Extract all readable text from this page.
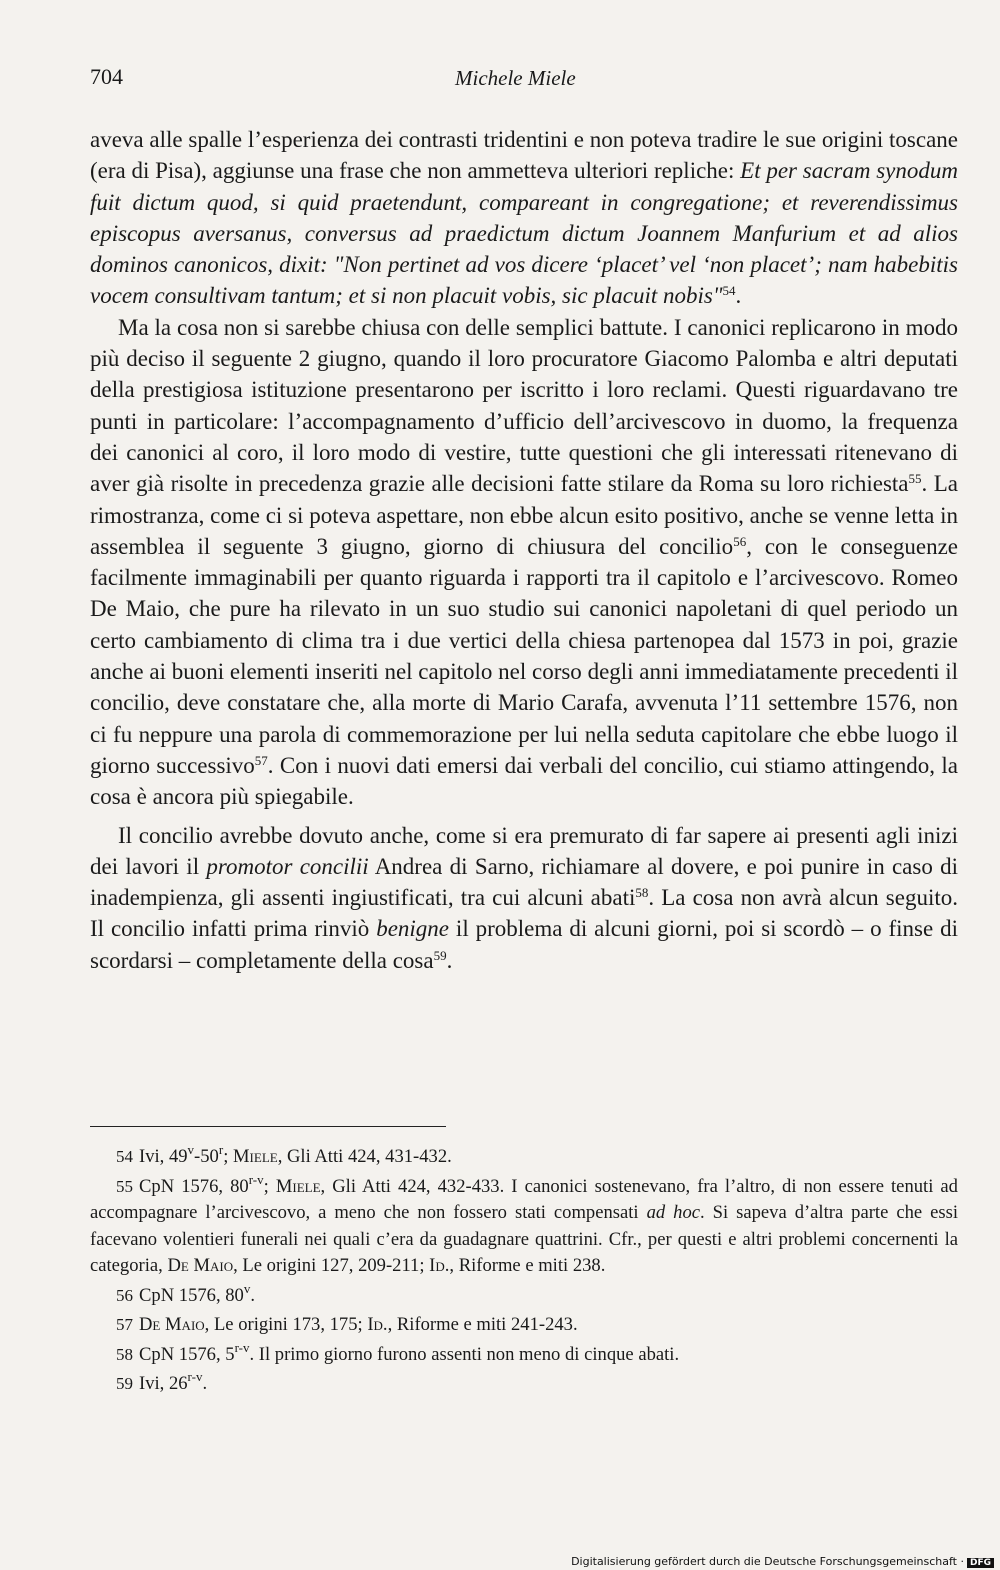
704	Michele Miele

aveva alle spalle l’esperienza dei contrasti tridentini e non poteva tradire le sue origini toscane (era di Pisa), aggiunse una frase che non ammetteva ulteriori repliche: Et per sacram synodum fuit dictum quod, si quid praetendunt, comparеant in congregatione; et reverendissimus episcopus aversanus, conversus ad praedictum dictum Joannem Manfurium et ad alios dominos canonicos, dixit: "Non pertinet ad vos dicere ‘placet’ vel ‘non placet’; nam habebitis vocem consultivam tantum; et si non placuit vobis, sic placuit nobis"$^{54}$.

Ma la cosa non si sarebbe chiusa con delle semplici battute. I canonici replicarono in modo più deciso il seguente 2 giugno, quando il loro procuratore Giacomo Palomba e altri deputati della prestigiosa istituzione presentarono per iscritto i loro reclami. Questi riguardavano tre punti in particolare: l’accompagnamento d’ufficio dell’arcivescovo in duomo, la frequenza dei canonici al coro, il loro modo di vestire, tutte questioni che gli interessati ritenevano di aver già risolte in precedenza grazie alle decisioni fatte stilare da Roma su loro richiesta$^{55}$. La rimostranza, come ci si poteva aspettare, non ebbe alcun esito positivo, anche se venne letta in assemblea il seguente 3 giugno, giorno di chiusura del concilio$^{56}$, con le conseguenze facilmente immaginabili per quanto riguarda i rapporti tra il capitolo e l’arcivescovo. Romeo De Maio, che pure ha rilevato in un suo studio sui canonici napoletani di quel periodo un certo cambiamento di clima tra i due vertici della chiesa partenopea dal 1573 in poi, grazie anche ai buoni elementi inseriti nel capitolo nel corso degli anni immediatamente precedenti il concilio, deve constatare che, alla morte di Mario Carafa, avvenuta l’11 settembre 1576, non ci fu neppure una parola di commemorazione per lui nella seduta capitolare che ebbe luogo il giorno successivo$^{57}$. Con i nuovi dati emersi dai verbali del concilio, cui stiamo attingendo, la cosa è ancora più spiegabile.

Il concilio avrebbe dovuto anche, come si era premurato di far sapere ai presenti agli inizi dei lavori il promotor concilii Andrea di Sarno, richiamare al dovere, e poi punire in caso di inadempienza, gli assenti ingiustificati, tra cui alcuni abati$^{58}$. La cosa non avrà alcun seguito. Il concilio infatti prima rinviò benigne il problema di alcuni giorni, poi si scordò – o finse di scordarsi – completamente della cosa$^{59}$.

54 Ivi, 49$^v$-50$^r$; Miele, Gli Atti 424, 431-432.

55 CpN 1576, 80$^{r-v}$; Miele, Gli Atti 424, 432-433. I canonici sostenevano, fra l’altro, di non essere tenuti ad accompagnare l’arcivescovo, a meno che non fossero stati compensati ad hoc. Si sapeva d’altra parte che essi facevano volentieri funerali nei quali c’era da guadagnare quattrini. Cfr., per questi e altri problemi concernenti la categoria, De Maio, Le origini 127, 209-211; Id., Riforme e miti 238.

56 CpN 1576, 80$^v$.

57 De Maio, Le origini 173, 175; Id., Riforme e miti 241-243.

58 CpN 1576, 5$^{r-v}$. Il primo giorno furono assenti non meno di cinque abati.

59 Ivi, 26$^{r-v}$.

Digitalisierung gefördert durch die Deutsche Forschungsgemeinschaft · DFG
